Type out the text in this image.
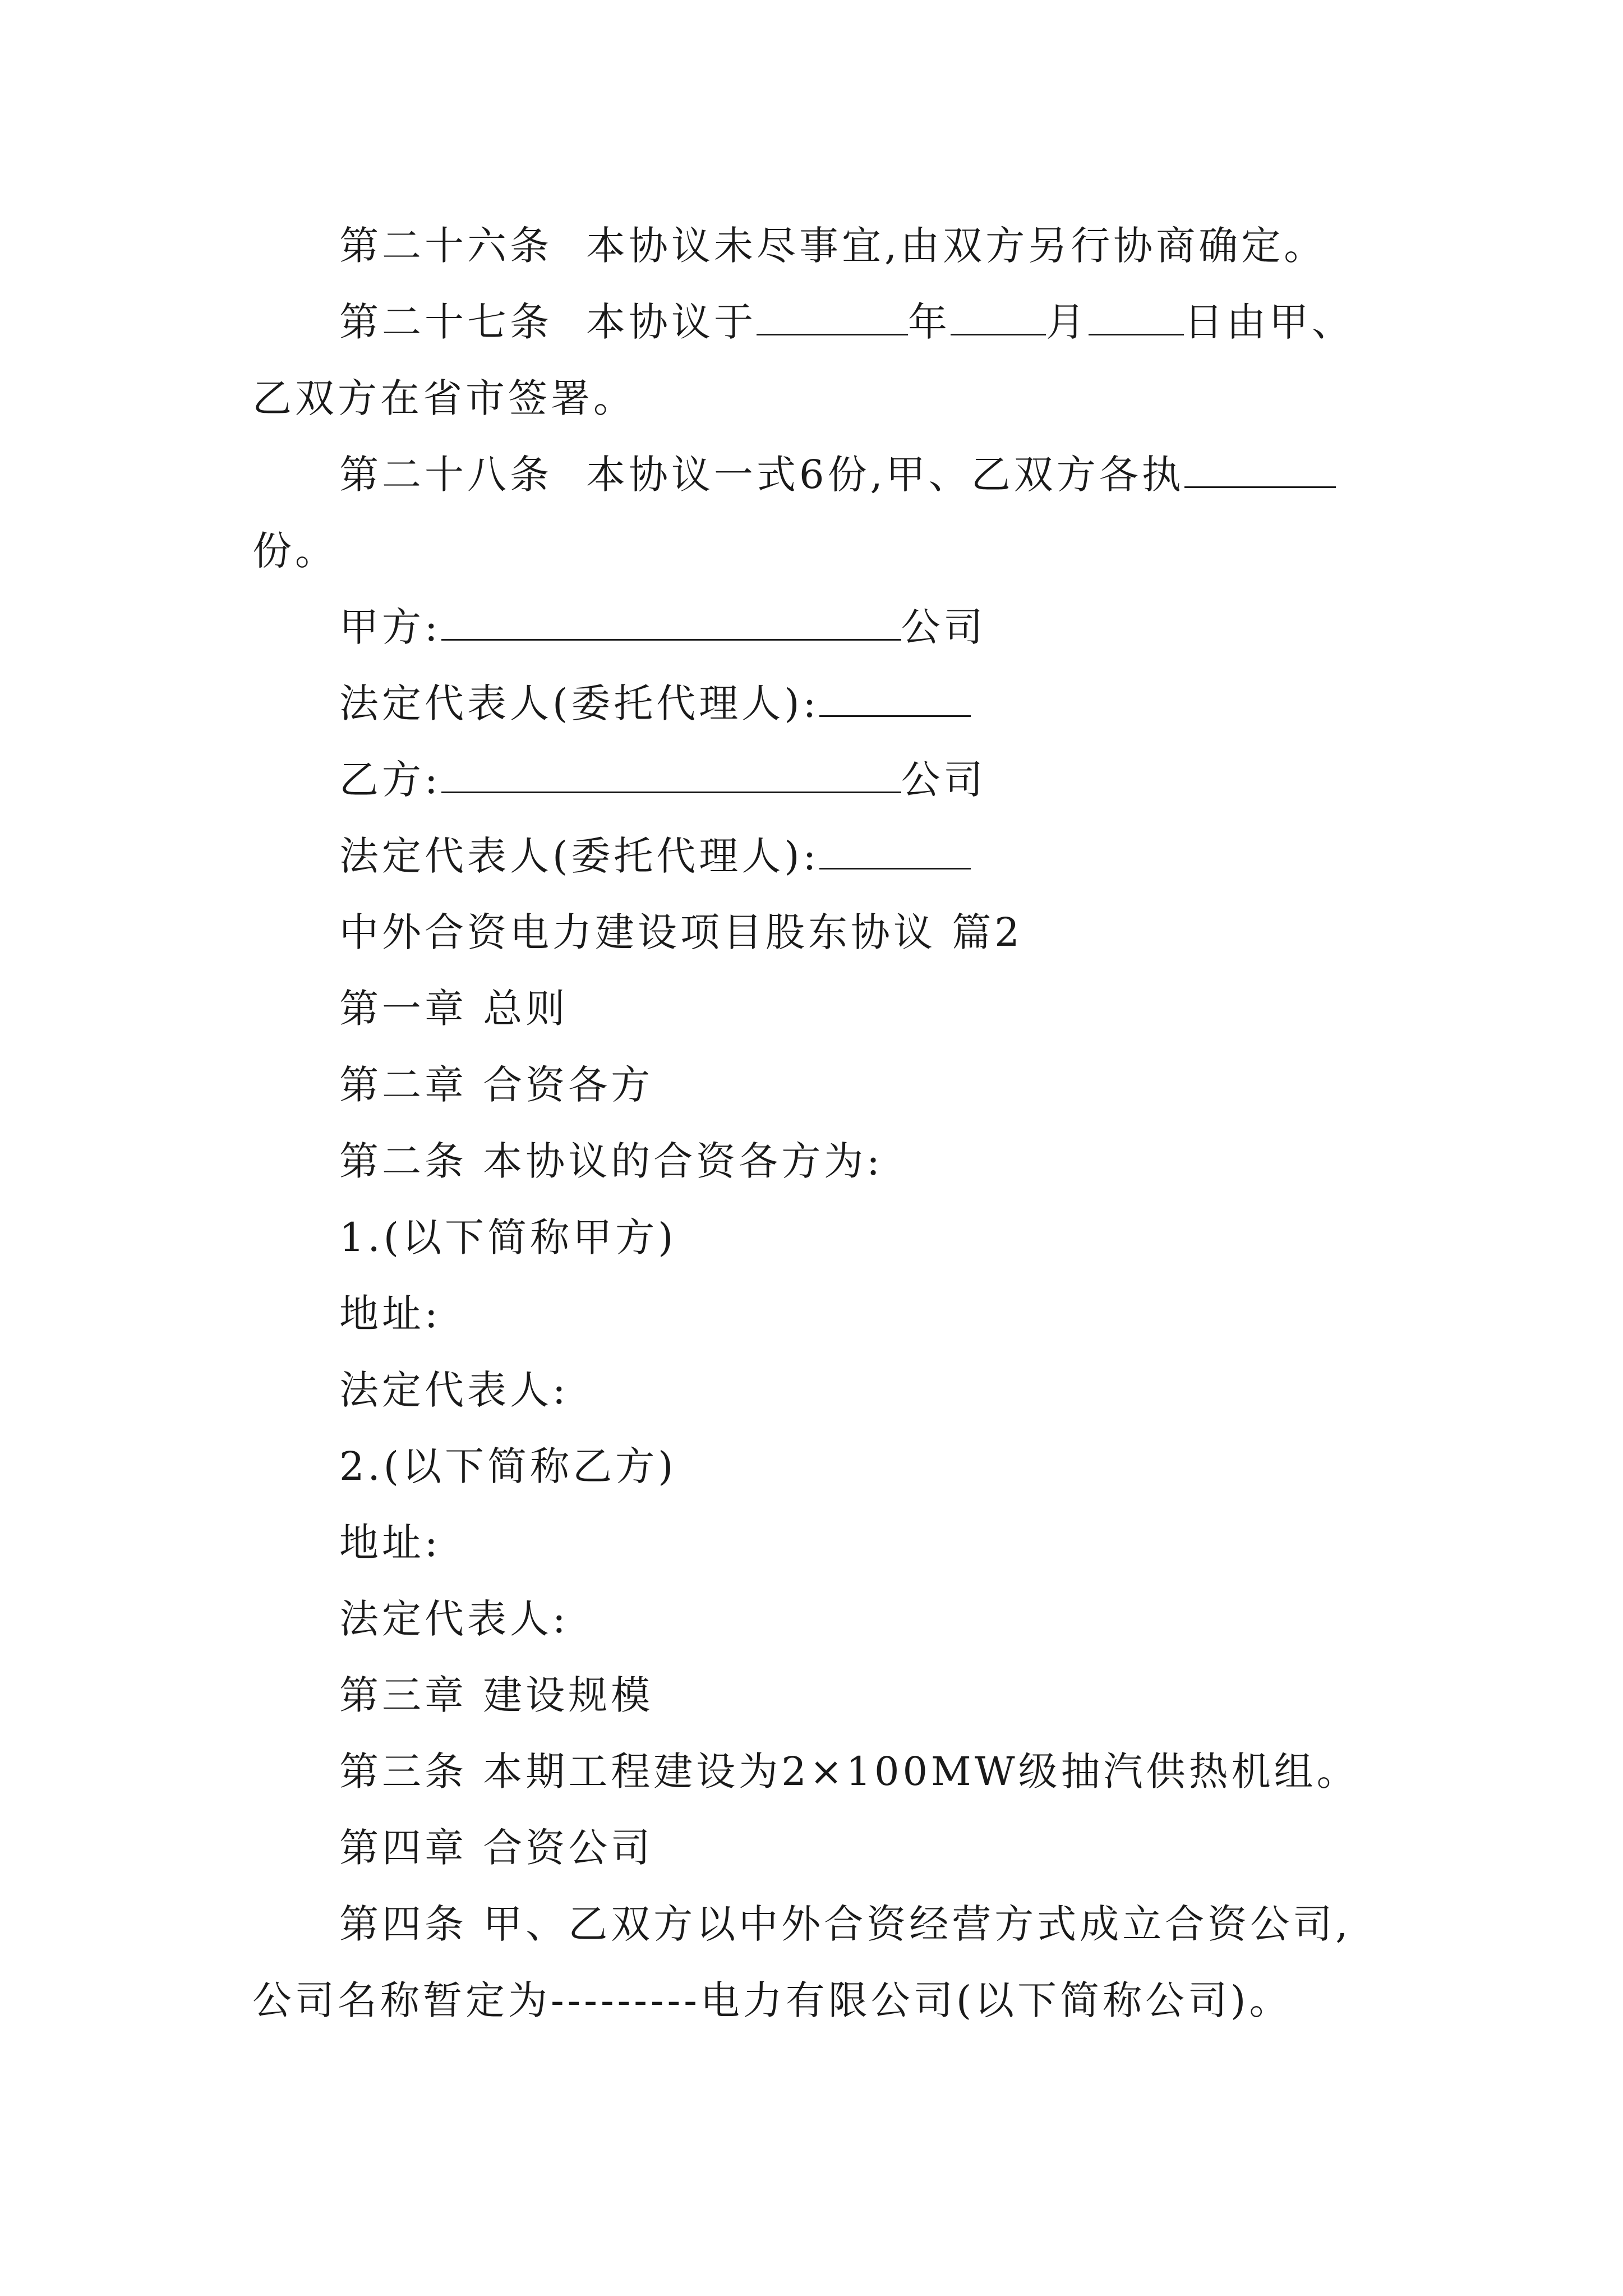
第二十六条 本协议未尽事宜,由双方另行协商确定。
第二十七条 本协议于	年 月 日由甲、
乙双方在省市签署。
第二十八条 本协议一式6份,甲、乙双方各执
份。
甲方:	公司
法定代表人(委托代理人):
乙方:	公司
法定代表人(委托代理人):
中外合资电力建设项目股东协议 篇2
第一章 总则
第二章 合资各方
第二条 本协议的合资各方为:
1.(以下简称甲方)
地址:
法定代表人:
2.(以下简称乙方)
地址:
法定代表人:
第三章 建设规模
第三条 本期工程建设为2×100MW级抽汽供热机组。
第四章 合资公司
第四条 甲、乙双方以中外合资经营方式成立合资公司,
公司名称暂定为---------电力有限公司(以下简称公司)。
